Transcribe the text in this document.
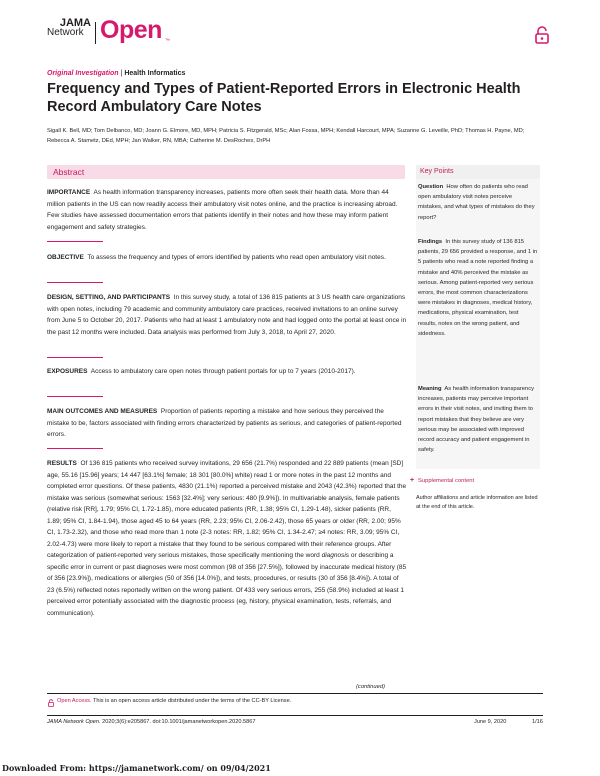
JAMA
Network Open ™
Original Investigation | Health Informatics
Frequency and Types of Patient-Reported Errors in Electronic Health Record Ambulatory Care Notes
Sigall K. Bell, MD; Tom Delbanco, MD; Joann G. Elmore, MD, MPH; Patricia S. Fitzgerald, MSc; Alan Fossa, MPH; Kendall Harcourt, MPA; Suzanne G. Leveille, PhD; Thomas H. Payne, MD; Rebecca A. Stametz, DEd, MPH; Jan Walker, RN, MBA; Catherine M. DesRoches, DrPH
Abstract
IMPORTANCE As health information transparency increases, patients more often seek their health data. More than 44 million patients in the US can now readily access their ambulatory visit notes online, and the practice is increasing abroad. Few studies have assessed documentation errors that patients identify in their notes and how these may inform patient engagement and safety strategies.
OBJECTIVE To assess the frequency and types of errors identified by patients who read open ambulatory visit notes.
DESIGN, SETTING, AND PARTICIPANTS In this survey study, a total of 136 815 patients at 3 US health care organizations with open notes, including 79 academic and community ambulatory care practices, received invitations to an online survey from June 5 to October 20, 2017. Patients who had at least 1 ambulatory note and had logged onto the portal at least once in the past 12 months were included. Data analysis was performed from July 3, 2018, to April 27, 2020.
EXPOSURES Access to ambulatory care open notes through patient portals for up to 7 years (2010-2017).
MAIN OUTCOMES AND MEASURES Proportion of patients reporting a mistake and how serious they perceived the mistake to be, factors associated with finding errors characterized by patients as serious, and categories of patient-reported errors.
RESULTS Of 136 815 patients who received survey invitations, 29 656 (21.7%) responded and 22 889 patients (mean [SD] age, 55.16 [15.96] years; 14 447 [63.1%] female; 18 301 [80.0%] white) read 1 or more notes in the past 12 months and completed error questions. Of these patients, 4830 (21.1%) reported a perceived mistake and 2043 (42.3%) reported that the mistake was serious (somewhat serious: 1563 [32.4%]; very serious: 480 [9.9%]). In multivariable analysis, female patients (relative risk [RR], 1.79; 95% CI, 1.72-1.85), more educated patients (RR, 1.38; 95% CI, 1.29-1.48), sicker patients (RR, 1.89; 95% CI, 1.84-1.94), those aged 45 to 64 years (RR, 2.23; 95% CI, 2.06-2.42), those 65 years or older (RR, 2.00; 95% CI, 1.73-2.32), and those who read more than 1 note (2-3 notes: RR, 1.82; 95% CI, 1.34-2.47; ≥4 notes: RR, 3.09; 95% CI, 2.02-4.73) were more likely to report a mistake that they found to be serious compared with their reference groups. After categorization of patient-reported very serious mistakes, those specifically mentioning the word diagnosis or describing a specific error in current or past diagnoses were most common (98 of 356 [27.5%]), followed by inaccurate medical history (85 of 356 [23.9%]), medications or allergies (50 of 356 [14.0%]), and tests, procedures, or results (30 of 356 [8.4%]). A total of 23 (6.5%) reflected notes reportedly written on the wrong patient. Of 433 very serious errors, 255 (58.9%) included at least 1 perceived error potentially associated with the diagnostic process (eg, history, physical examination, tests, referrals, and communication).
Key Points
Question How often do patients who read open ambulatory visit notes perceive mistakes, and what types of mistakes do they report?
Findings In this survey study of 136 815 patients, 29 656 provided a response, and 1 in 5 patients who read a note reported finding a mistake and 40% perceived the mistake as serious. Among patient-reported very serious errors, the most common characterizations were mistakes in diagnoses, medical history, medications, physical examination, test results, notes on the wrong patient, and sidedness.
Meaning As health information transparency increases, patients may perceive important errors in their visit notes, and inviting them to report mistakes that they believe are very serious may be associated with improved record accuracy and patient engagement in safety.
+ Supplemental content
Author affiliations and article information are listed at the end of this article.
(continued)
Open Access. This is an open access article distributed under the terms of the CC-BY License.
JAMA Network Open. 2020;3(6):e205867. doi:10.1001/jamanetworkopen.2020.5867	June 9, 2020	1/16
Downloaded From: https://jamanetwork.com/ on 09/04/2021
